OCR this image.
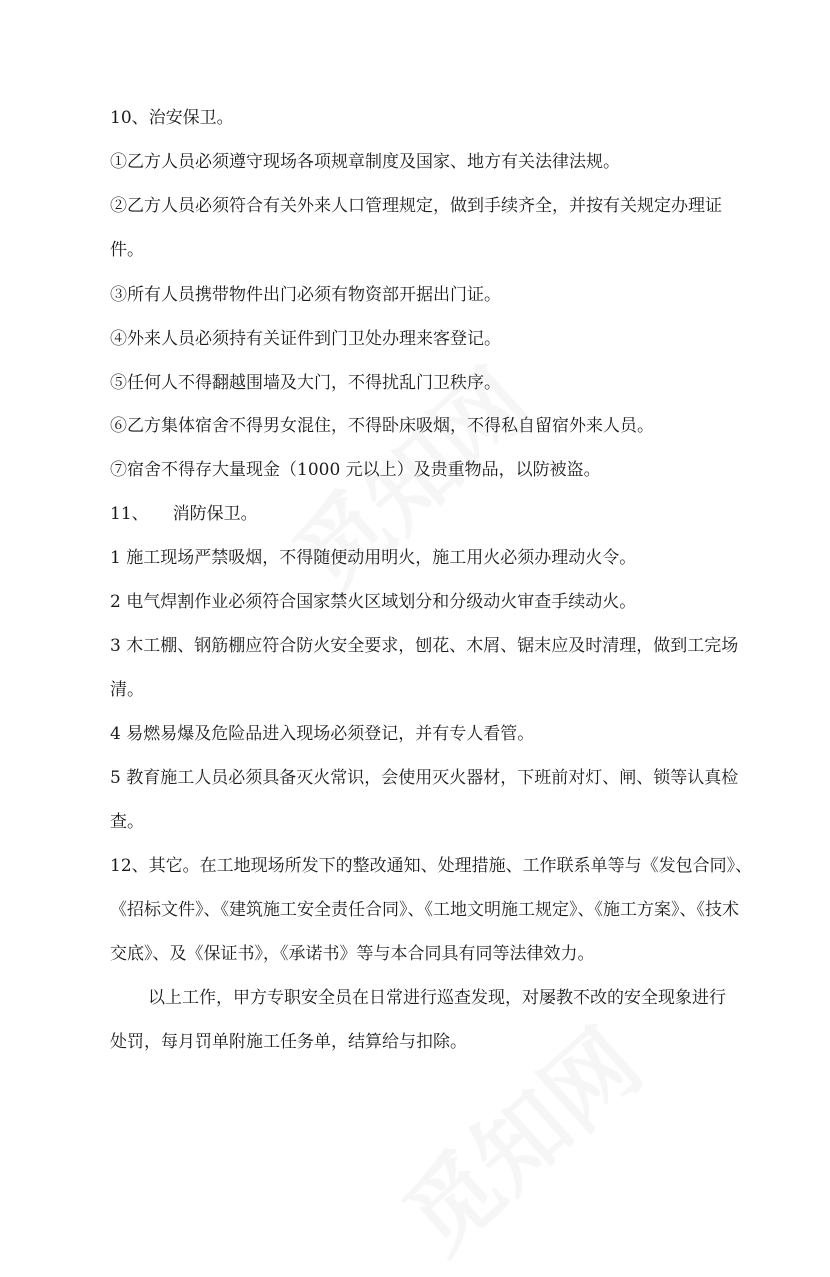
10、治安保卫。
①乙方人员必须遵守现场各项规章制度及国家、地方有关法律法规。
②乙方人员必须符合有关外来人口管理规定，做到手续齐全，并按有关规定办理证
件。
③所有人员携带物件出门必须有物资部开据出门证。
④外来人员必须持有关证件到门卫处办理来客登记。
⑤任何人不得翻越围墙及大门，不得扰乱门卫秩序。
⑥乙方集体宿舍不得男女混住，不得卧床吸烟，不得私自留宿外来人员。
⑦宿舍不得存大量现金（1000 元以上）及贵重物品，以防被盗。
11、 消防保卫。
1 施工现场严禁吸烟，不得随便动用明火，施工用火必须办理动火令。
2 电气焊割作业必须符合国家禁火区域划分和分级动火审查手续动火。
3 木工棚、钢筋棚应符合防火安全要求，刨花、木屑、锯末应及时清理，做到工完场
清。
4 易燃易爆及危险品进入现场必须登记，并有专人看管。
5 教育施工人员必须具备灭火常识，会使用灭火器材，下班前对灯、闸、锁等认真检
查。
12、其它。在工地现场所发下的整改通知、处理措施、工作联系单等与《发包合同》、
《招标文件》、《建筑施工安全责任合同》、《工地文明施工规定》、《施工方案》、《技术
交底》、及《保证书》，《承诺书》等与本合同具有同等法律效力。
以上工作，甲方专职安全员在日常进行巡查发现，对屡教不改的安全现象进行
处罚，每月罚单附施工任务单，结算给与扣除。
